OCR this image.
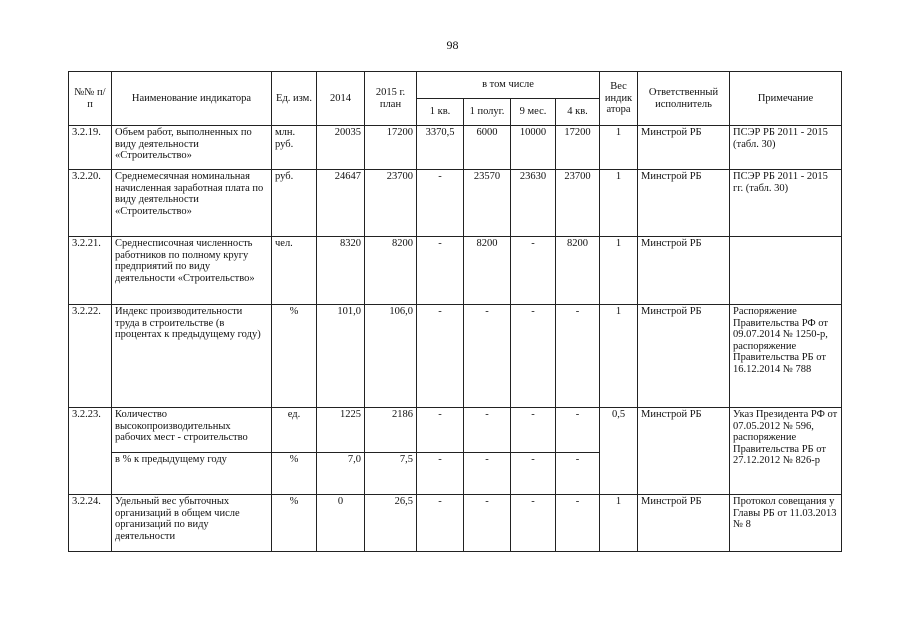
98
№№ п/п	Наименование индикатора	Ед. изм.	2014	2015 г. план	в том числе				Вес индик атора	Ответственный исполнитель	Примечание
					1 кв.	1 полуг.	9 мес.	4 кв.			
3.2.19.	Объем работ, выполненных по виду деятельности «Строительство»	млн. руб.	20035	17200	3370,5	6000	10000	17200	1	Минстрой РБ	ПСЭР РБ 2011 - 2015 (табл. 30)
3.2.20.	Среднемесячная номинальная начисленная заработная плата по виду деятельности «Строительство»	руб.	24647	23700	-	23570	23630	23700	1	Минстрой РБ	ПСЭР РБ 2011 - 2015 гг. (табл. 30)
3.2.21.	Среднесписочная численность работников по полному кругу предприятий по виду деятельности «Строительство»	чел.	8320	8200	-	8200	-	8200	1	Минстрой РБ	
3.2.22.	Индекс производительности труда в строительстве (в процентах к предыдущему году)	%	101,0	106,0	-	-	-	-	1	Минстрой РБ	Распоряжение Правительства РФ от 09.07.2014 № 1250-р, распоряжение Правительства РБ от 16.12.2014 № 788
3.2.23.	Количество высокопроизводительных рабочих мест - строительство	ед.	1225	2186	-	-	-	-	0,5	Минстрой РБ	Указ Президента РФ от 07.05.2012 № 596, распоряжение Правительства РБ от 27.12.2012 № 826-р
	в % к предыдущему году	%	7,0	7,5	-	-	-	-			
3.2.24.	Удельный вес убыточных организаций в общем числе организаций по виду деятельности	%	0	26,5	-	-	-	-	1	Минстрой РБ	Протокол совещания у Главы РБ от 11.03.2013 № 8
